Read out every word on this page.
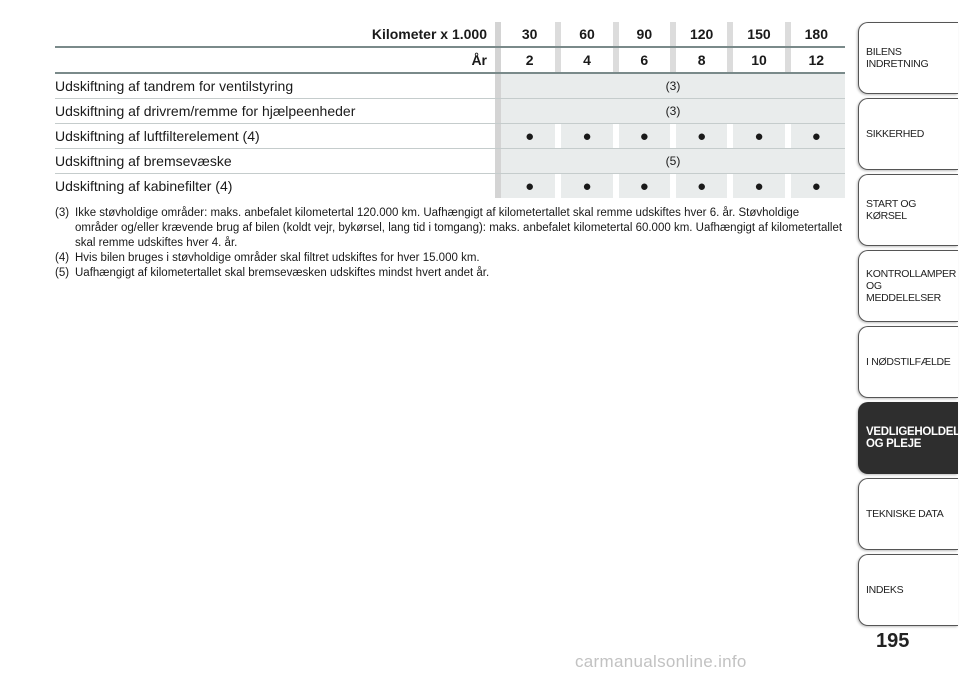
Kilometer x 1.000	30	60	90	120	150	180
År	2	4	6	8	10	12
Udskiftning af tandrem for ventilstyring	(3)
Udskiftning af drivrem/remme for hjælpeenheder	(3)
Udskiftning af luftfilterelement (4)	●	●	●	●	●	●
Udskiftning af bremsevæske	(5)
Udskiftning af kabinefilter (4)	●	●	●	●	●	●
(3) Ikke støvholdige områder: maks. anbefalet kilometertal 120.000 km. Uafhængigt af kilometertallet skal remme udskiftes hver 6. år. Støvholdige områder og/eller krævende brug af bilen (koldt vejr, bykørsel, lang tid i tomgang): maks. anbefalet kilometertal 60.000 km. Uafhængigt af kilometertallet skal remme udskiftes hver 4. år.
(4) Hvis bilen bruges i støvholdige områder skal filtret udskiftes for hver 15.000 km.
(5) Uafhængigt af kilometertallet skal bremsevæsken udskiftes mindst hvert andet år.
BILENS INDRETNING

SIKKERHED

START OG KØRSEL

KONTROLLAMPER
OG MEDDELELSER
I NØDSTILFÆLDE

VEDLIGEHOLDELSE
OG PLEJE
TEKNISKE DATA

INDEKS

195
carmanualsonline.info
